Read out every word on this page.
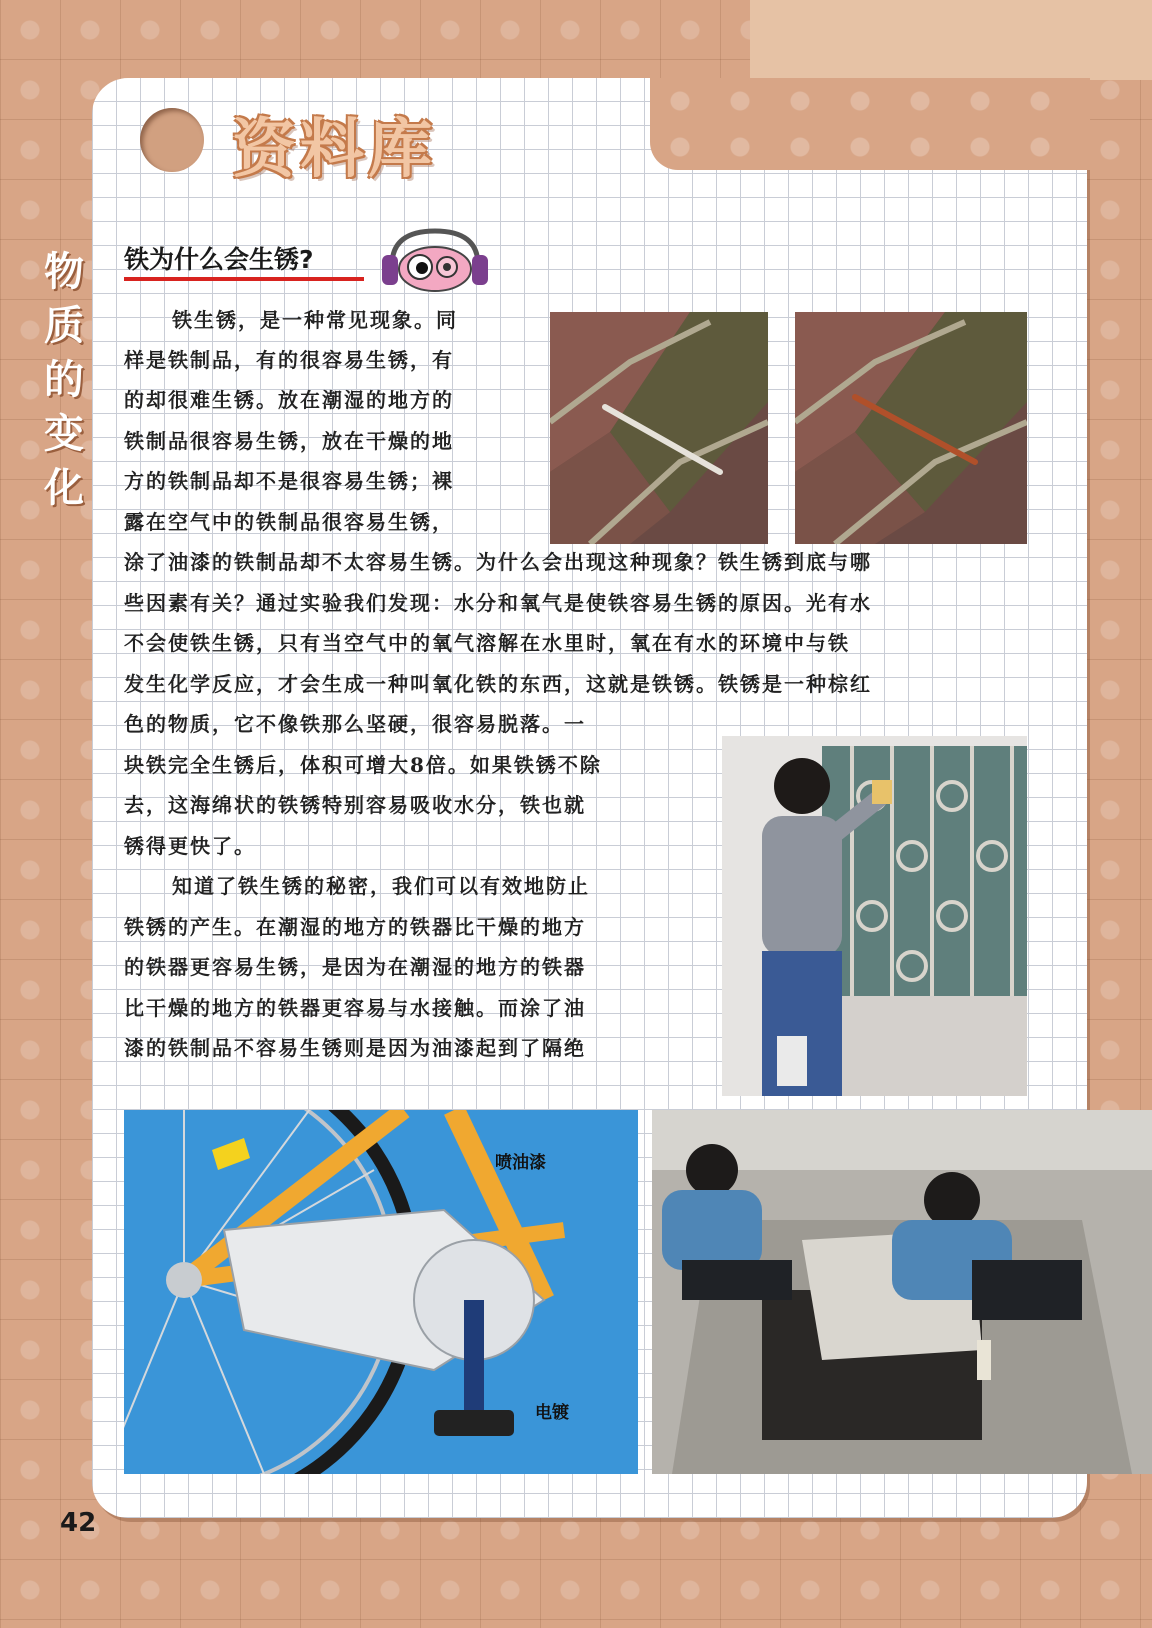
资料库
物
质
的
变
化
铁为什么会生锈?
铁生锈，是一种常见现象。同
样是铁制品，有的很容易生锈，有
的却很难生锈。放在潮湿的地方的
铁制品很容易生锈，放在干燥的地
方的铁制品却不是很容易生锈；裸
露在空气中的铁制品很容易生锈，
涂了油漆的铁制品却不太容易生锈。为什么会出现这种现象？铁生锈到底与哪
些因素有关？通过实验我们发现：水分和氧气是使铁容易生锈的原因。光有水
不会使铁生锈，只有当空气中的氧气溶解在水里时，氧在有水的环境中与铁
发生化学反应，才会生成一种叫氧化铁的东西，这就是铁锈。铁锈是一种棕红
色的物质，它不像铁那么坚硬，很容易脱落。一
块铁完全生锈后，体积可增大8倍。如果铁锈不除
去，这海绵状的铁锈特别容易吸收水分，铁也就
锈得更快了。
知道了铁生锈的秘密，我们可以有效地防止
铁锈的产生。在潮湿的地方的铁器比干燥的地方
的铁器更容易生锈，是因为在潮湿的地方的铁器
比干燥的地方的铁器更容易与水接触。而涂了油
漆的铁制品不容易生锈则是因为油漆起到了隔绝
喷油漆
电镀
42
